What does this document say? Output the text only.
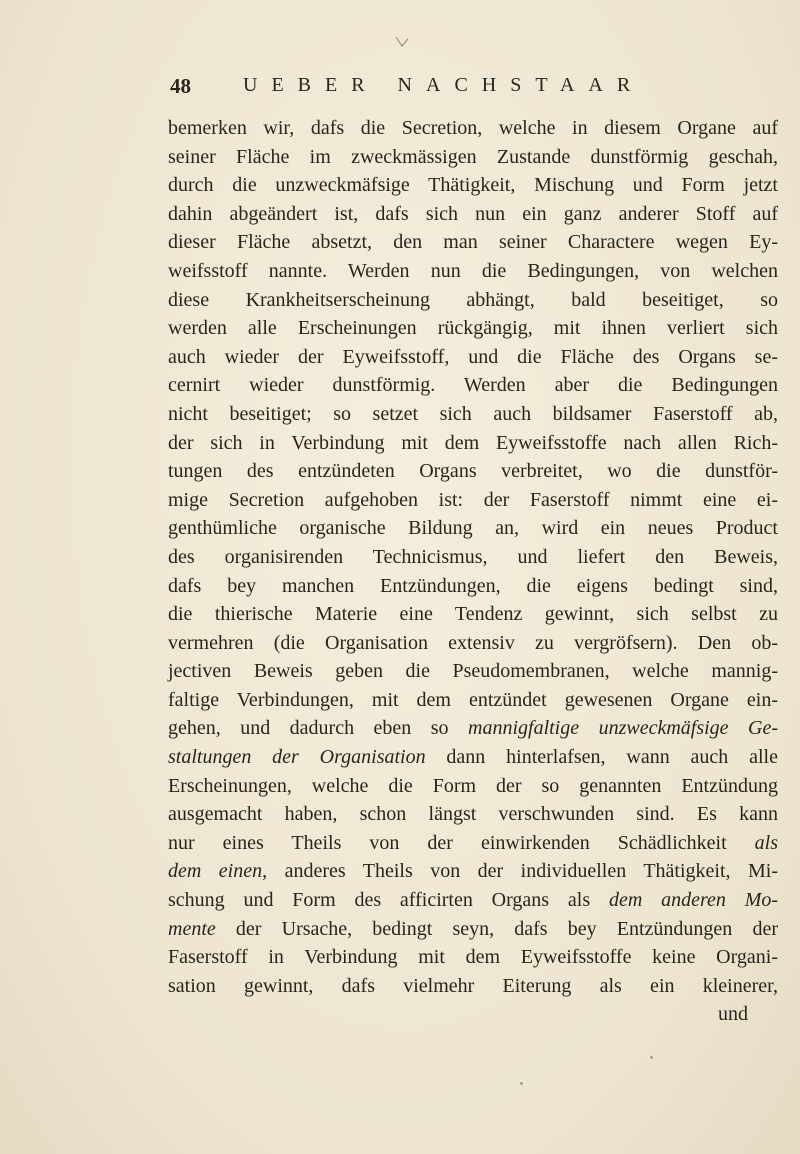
48	UEBER NACHSTAAR
bemerken wir, dafs die Secretion, welche in diesem Organe auf
seiner Fläche im zweckmässigen Zustande dunstförmig geschah,
durch die unzweckmäfsige Thätigkeit, Mischung und Form jetzt
dahin abgeändert ist, dafs sich nun ein ganz anderer Stoff auf
dieser Fläche absetzt, den man seiner Charactere wegen Ey-
weifsstoff nannte. Werden nun die Bedingungen, von welchen
diese Krankheitserscheinung abhängt, bald beseitiget, so
werden alle Erscheinungen rückgängig, mit ihnen verliert sich
auch wieder der Eyweifsstoff, und die Fläche des Organs se-
cernirt wieder dunstförmig. Werden aber die Bedingungen
nicht beseitiget; so setzet sich auch bildsamer Faserstoff ab,
der sich in Verbindung mit dem Eyweifsstoffe nach allen Rich-
tungen des entzündeten Organs verbreitet, wo die dunstför-
mige Secretion aufgehoben ist: der Faserstoff nimmt eine ei-
genthümliche organische Bildung an, wird ein neues Product
des organisirenden Technicismus, und liefert den Beweis,
dafs bey manchen Entzündungen, die eigens bedingt sind,
die thierische Materie eine Tendenz gewinnt, sich selbst zu
vermehren (die Organisation extensiv zu vergröfsern). Den ob-
jectiven Beweis geben die Pseudomembranen, welche mannig-
faltige Verbindungen, mit dem entzündet gewesenen Organe ein-
gehen, und dadurch eben so mannigfaltige unzweckmäfsige Ge-
staltungen der Organisation dann hinterlafsen, wann auch alle
Erscheinungen, welche die Form der so genannten Entzündung
ausgemacht haben, schon längst verschwunden sind. Es kann
nur eines Theils von der einwirkenden Schädlichkeit als
dem einen, anderes Theils von der individuellen Thätigkeit, Mi-
schung und Form des afficirten Organs als dem anderen Mo-
mente der Ursache, bedingt seyn, dafs bey Entzündungen der
Faserstoff in Verbindung mit dem Eyweifsstoffe keine Organi-
sation gewinnt, dafs vielmehr Eiterung als ein kleinerer,
und
